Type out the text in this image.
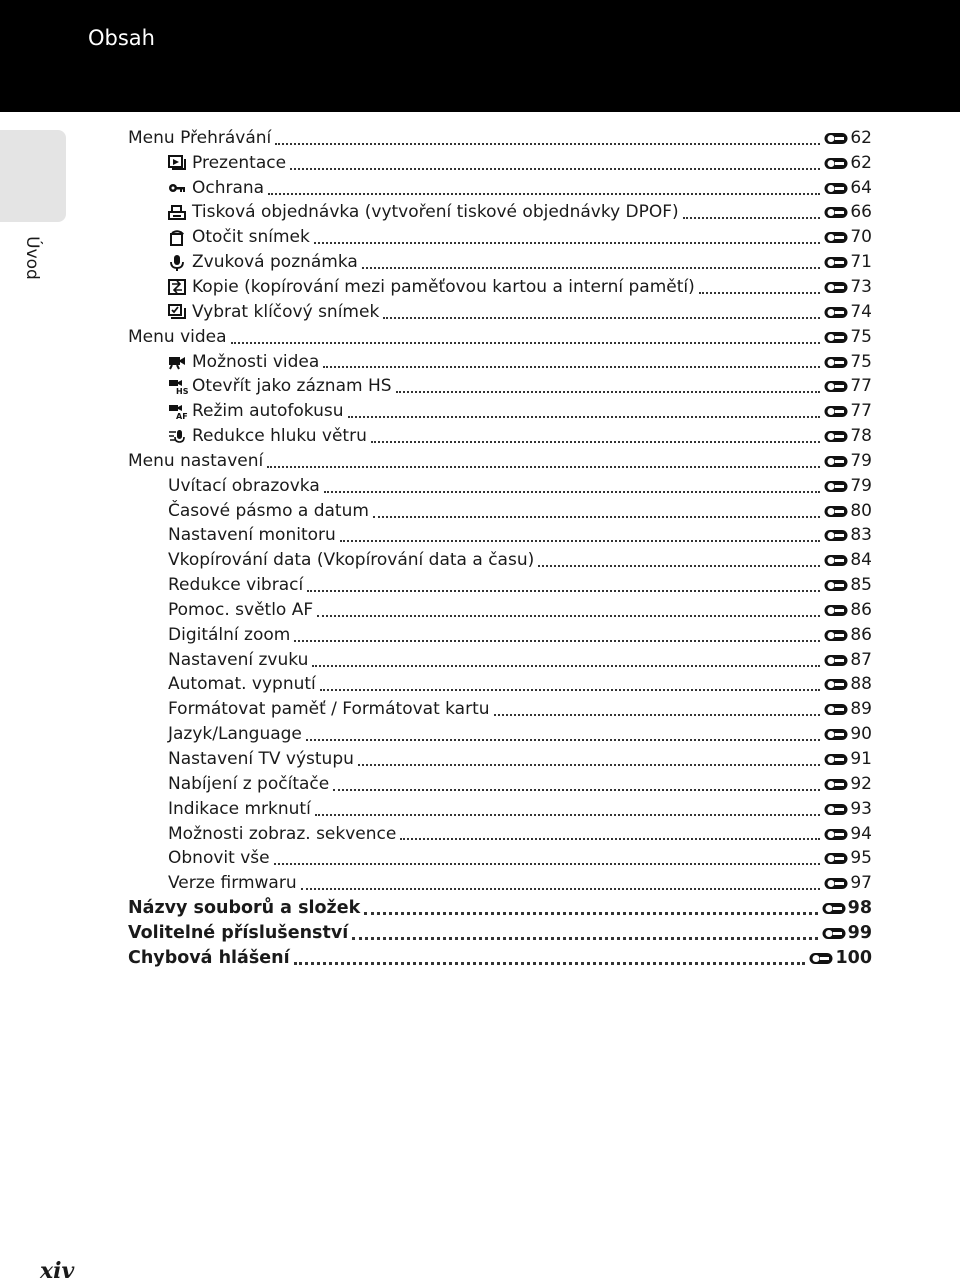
Obsah
Úvod
Menu Přehrávání	62
Prezentace	62
Ochrana	64
Tisková objednávka (vytvoření tiskové objednávky DPOF)	66
Otočit snímek	70
Zvuková poznámka	71
Kopie (kopírování mezi paměťovou kartou a interní pamětí)	73
Vybrat klíčový snímek	74
Menu videa	75
Možnosti videa	75
HS Otevřít jako záznam HS	77
AF Režim autofokusu	77
Redukce hluku větru	78
Menu nastavení	79
Uvítací obrazovka	79
Časové pásmo a datum	80
Nastavení monitoru	83
Vkopírování data (Vkopírování data a času)	84
Redukce vibrací	85
Pomoc. světlo AF	86
Digitální zoom	86
Nastavení zvuku	87
Automat. vypnutí	88
Formátovat paměť / Formátovat kartu	89
Jazyk/Language	90
Nastavení TV výstupu	91
Nabíjení z počítače	92
Indikace mrknutí	93
Možnosti zobraz. sekvence	94
Obnovit vše	95
Verze firmwaru	97
Názvy souborů a složek	98
Volitelné příslušenství	99
Chybová hlášení	100
xiv
